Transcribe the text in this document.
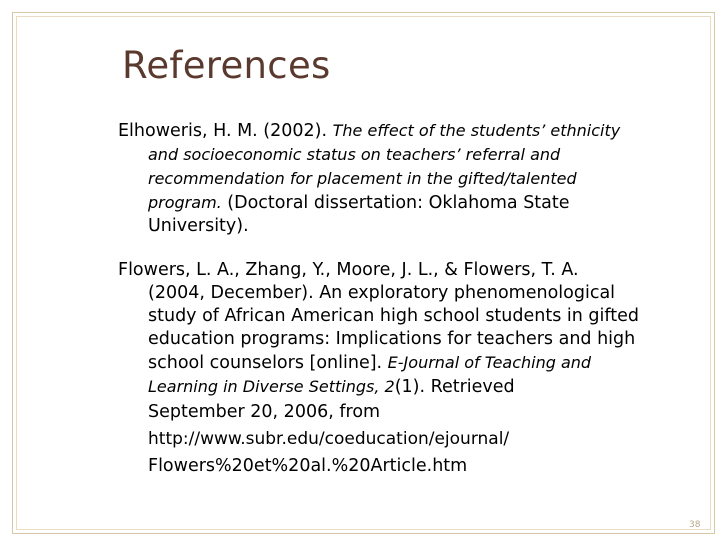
References
Elhoweris, H. M. (2002). The effect of the students’ ethnicity
and socioeconomic status on teachers’ referral and
recommendation for placement in the gifted/talented
program. (Doctoral dissertation: Oklahoma State
University).
Flowers, L. A., Zhang, Y., Moore, J. L., & Flowers, T. A.
(2004, December). An exploratory phenomenological
study of African American high school students in gifted
education programs: Implications for teachers and high
school counselors [online]. E-Journal of Teaching and
Learning in Diverse Settings, 2(1). Retrieved
September 20, 2006, from
http://www.subr.edu/coeducation/ejournal/
Flowers%20et%20al.%20Article.htm
38
